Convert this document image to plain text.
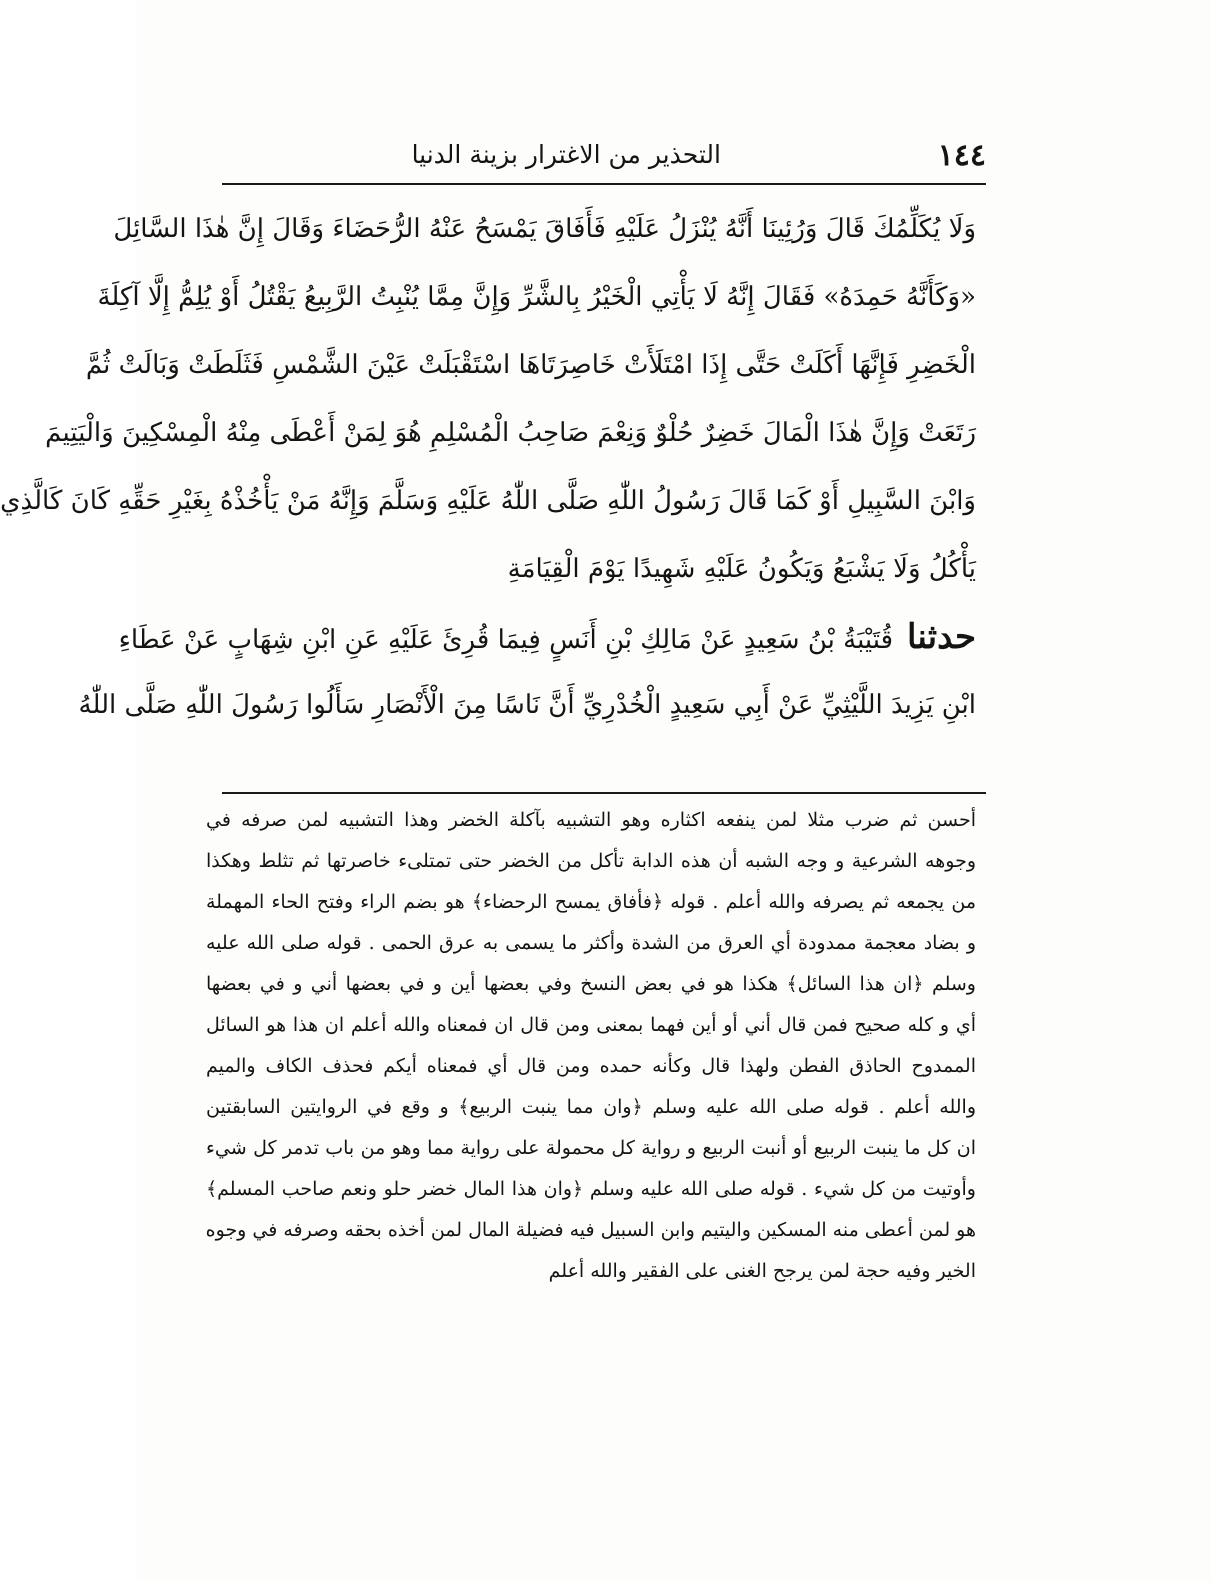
١٤٤
التحذير من الاغترار بزينة الدنيا
وَلَا يُكَلِّمُكَ قَالَ وَرُئِينَا أَنَّهُ يُنْزَلُ عَلَيْهِ فَأَفَاقَ يَمْسَحُ عَنْهُ الرُّحَضَاءَ وَقَالَ إِنَّ هٰذَا السَّائِلَ
«وَكَأَنَّهُ حَمِدَهُ» فَقَالَ إِنَّهُ لَا يَأْتِي الْخَيْرُ بِالشَّرِّ وَإِنَّ مِمَّا يُنْبِتُ الرَّبِيعُ يَقْتُلُ أَوْ يُلِمُّ إِلَّا آكِلَةَ
الْخَضِرِ فَإِنَّهَا أَكَلَتْ حَتَّى إِذَا امْتَلَأَتْ خَاصِرَتَاهَا اسْتَقْبَلَتْ عَيْنَ الشَّمْسِ فَثَلَطَتْ وَبَالَتْ ثُمَّ
رَتَعَتْ وَإِنَّ هٰذَا الْمَالَ خَضِرٌ حُلْوٌ وَنِعْمَ صَاحِبُ الْمُسْلِمِ هُوَ لِمَنْ أَعْطَى مِنْهُ الْمِسْكِينَ وَالْيَتِيمَ
وَابْنَ السَّبِيلِ أَوْ كَمَا قَالَ رَسُولُ اللّٰهِ صَلَّى اللّٰهُ عَلَيْهِ وَسَلَّمَ وَإِنَّهُ مَنْ يَأْخُذْهُ بِغَيْرِ حَقِّهِ كَانَ كَالَّذِي
يَأْكُلُ وَلَا يَشْبَعُ وَيَكُونُ عَلَيْهِ شَهِيدًا يَوْمَ الْقِيَامَةِ
حدثناقُتَيْبَةُ بْنُ سَعِيدٍ عَنْ مَالِكِ بْنِ أَنَسٍ فِيمَا قُرِئَ عَلَيْهِ عَنِ ابْنِ شِهَابٍ عَنْ عَطَاءِ
ابْنِ يَزِيدَ اللَّيْثِيِّ عَنْ أَبِي سَعِيدٍ الْخُدْرِيِّ أَنَّ نَاسًا مِنَ الْأَنْصَارِ سَأَلُوا رَسُولَ اللّٰهِ صَلَّى اللّٰهُ
أحسن ثم ضرب مثلا لمن ينفعه اكثاره وهو التشبيه بآكلة الخضر وهذا التشبيه لمن صرفه في
وجوهه الشرعية و وجه الشبه أن هذه الدابة تأكل من الخضر حتى تمتلىء خاصرتها ثم تثلط وهكذا
من يجمعه ثم يصرفه والله أعلم . قوله ﴿فأفاق يمسح الرحضاء﴾ هو بضم الراء وفتح الحاء المهملة
و بضاد معجمة ممدودة أي العرق من الشدة وأكثر ما يسمى به عرق الحمى . قوله صلى الله عليه
وسلم ﴿ان هذا السائل﴾ هكذا هو في بعض النسخ وفي بعضها أين و في بعضها أني و في بعضها
أي و كله صحيح فمن قال أني أو أين فهما بمعنى ومن قال ان فمعناه والله أعلم ان هذا هو السائل
الممدوح الحاذق الفطن ولهذا قال وكأنه حمده ومن قال أي فمعناه أيكم فحذف الكاف والميم
والله أعلم . قوله صلى الله عليه وسلم ﴿وان مما ينبت الربيع﴾ و وقع في الروايتين السابقتين
ان كل ما ينبت الربيع أو أنبت الربيع و رواية كل محمولة على رواية مما وهو من باب تدمر كل شيء
وأوتيت من كل شيء . قوله صلى الله عليه وسلم ﴿وان هذا المال خضر حلو ونعم صاحب المسلم﴾
هو لمن أعطى منه المسكين واليتيم وابن السبيل فيه فضيلة المال لمن أخذه بحقه وصرفه في وجوه
الخير وفيه حجة لمن يرجح الغنى على الفقير والله أعلم
